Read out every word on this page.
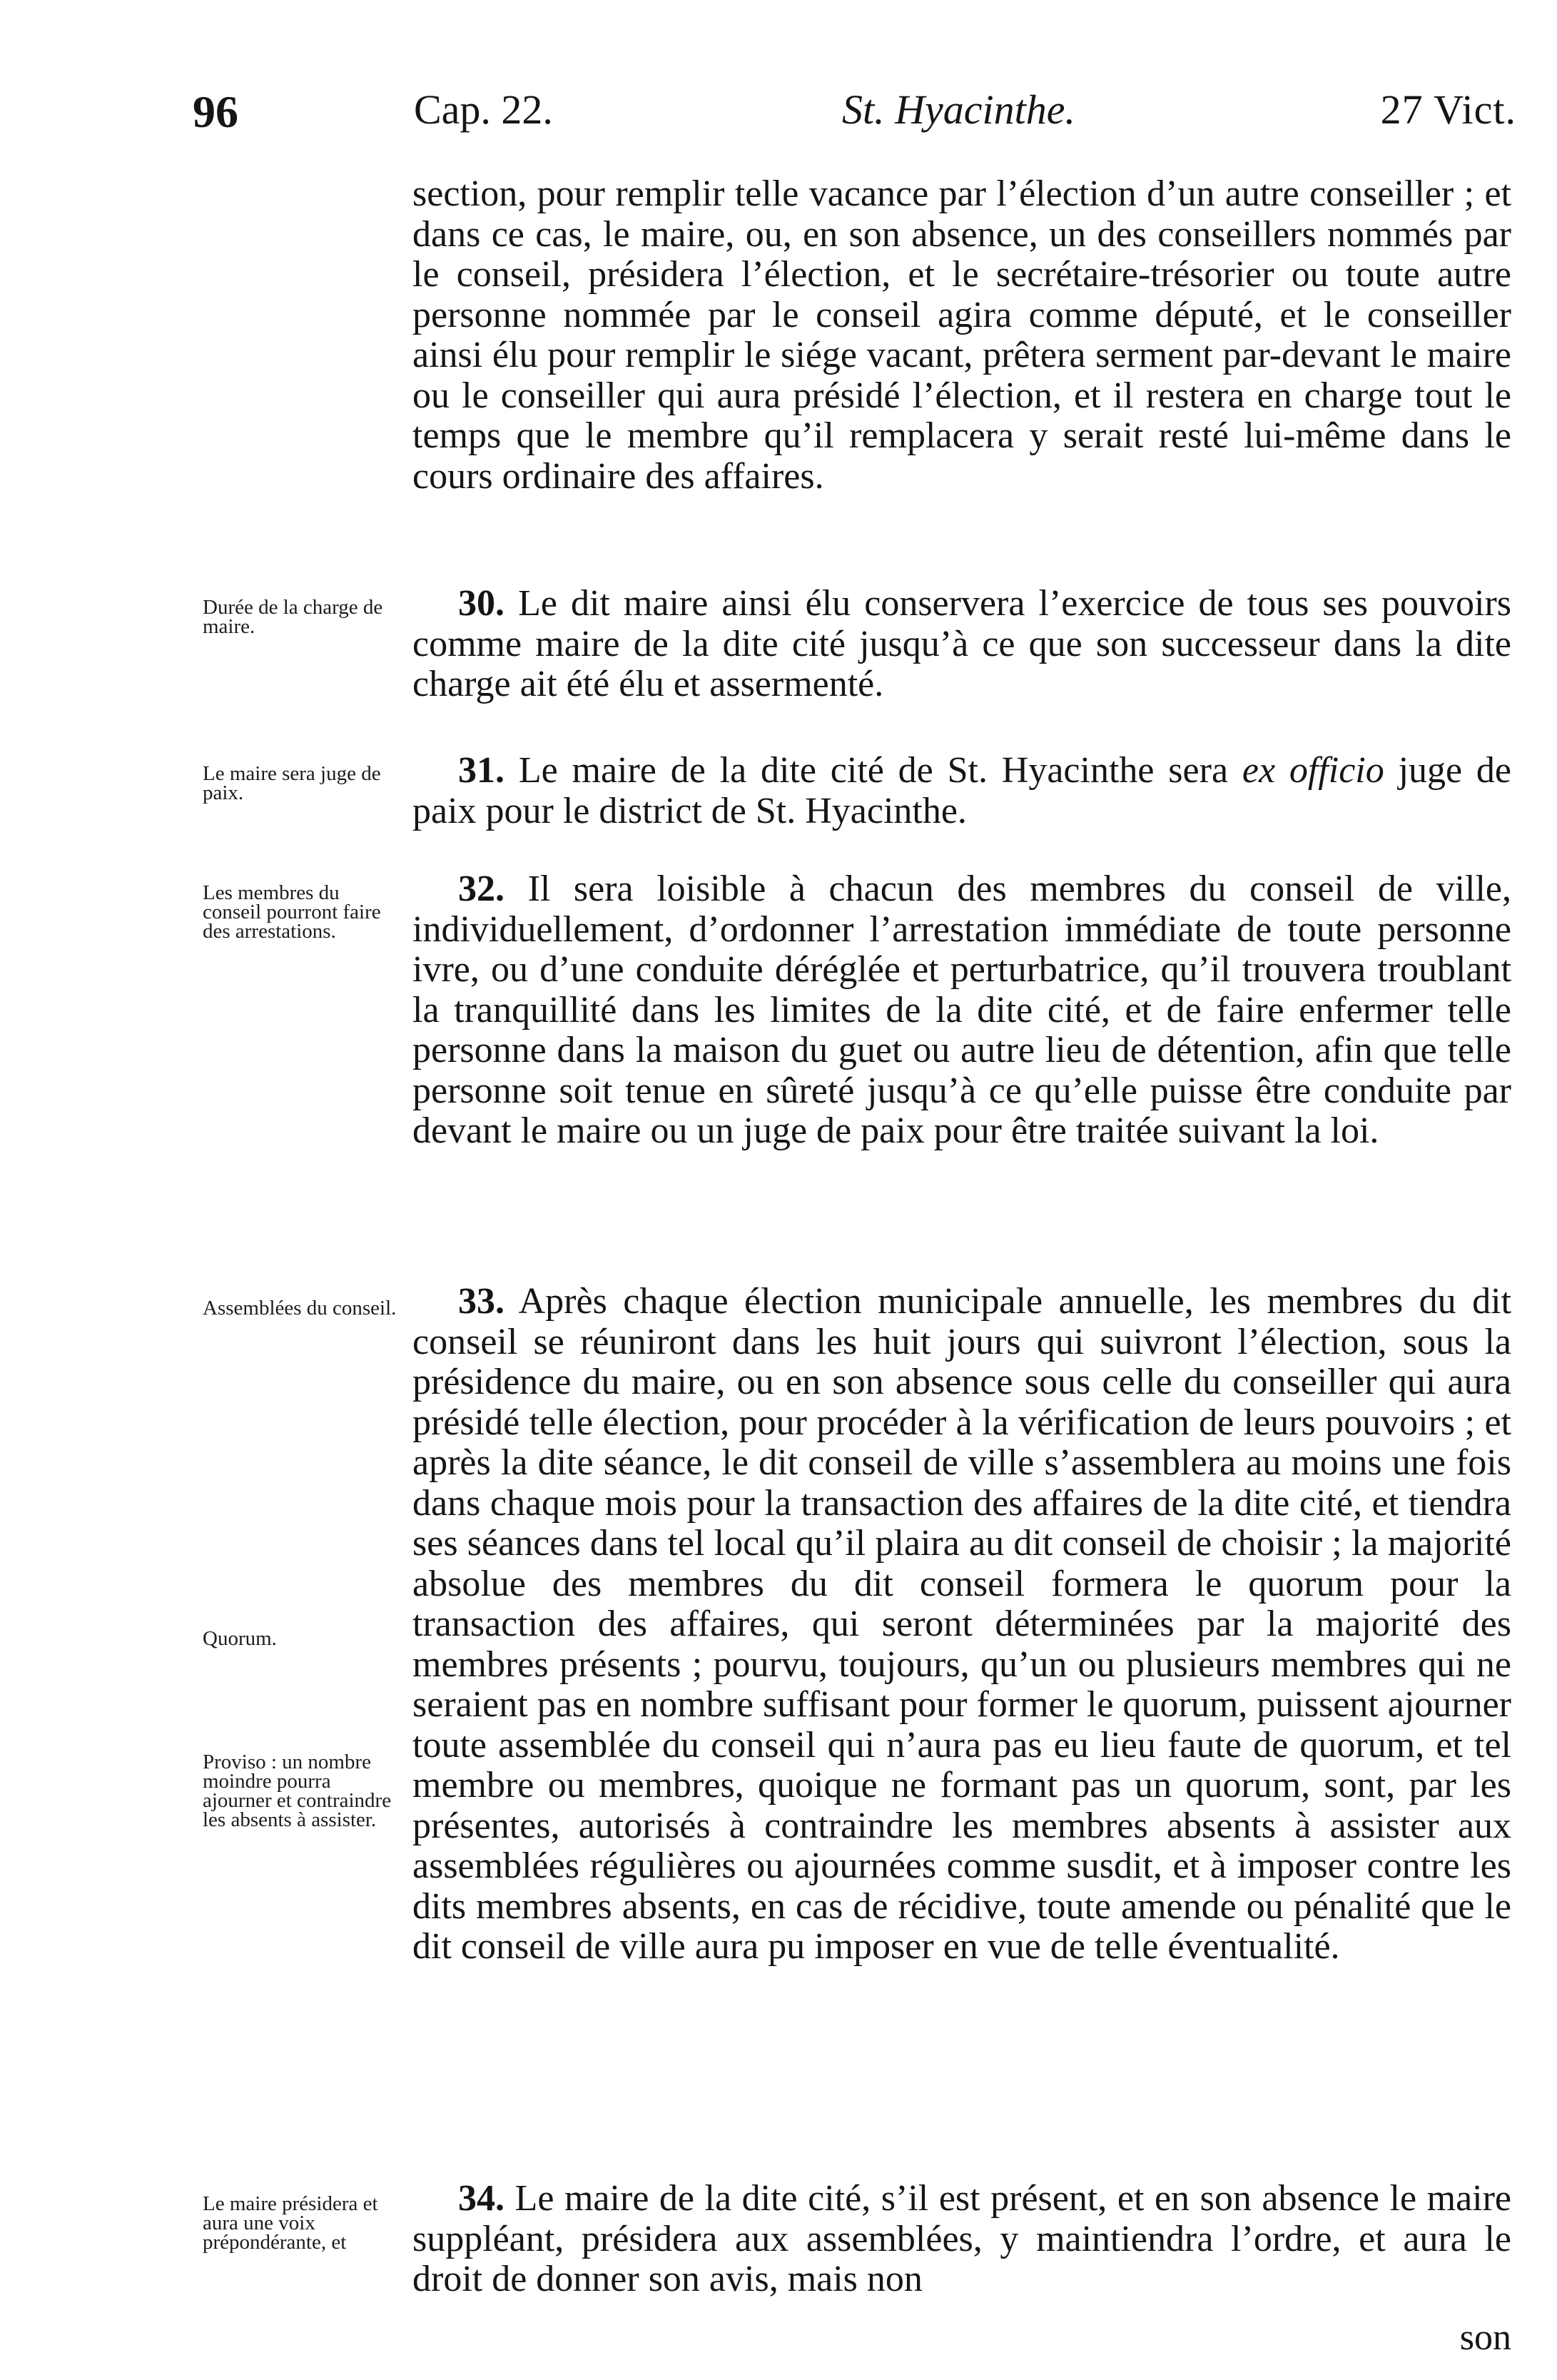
96	Cap. 22.	St. Hyacinthe.	27 Vict.

section, pour remplir telle vacance par l’élection d’un autre conseiller ; et dans ce cas, le maire, ou, en son absence, un des conseillers nommés par le conseil, présidera l’élection, et le secrétaire-trésorier ou toute autre personne nommée par le conseil agira comme député, et le conseiller ainsi élu pour remplir le siége vacant, prêtera serment par-devant le maire ou le conseiller qui aura présidé l’élection, et il restera en charge tout le temps que le membre qu’il remplacera y serait resté lui-même dans le cours ordinaire des affaires.

Durée de la charge de maire.

30. Le dit maire ainsi élu conservera l’exercice de tous ses pouvoirs comme maire de la dite cité jusqu’à ce que son successeur dans la dite charge ait été élu et assermenté.

Le maire sera juge de paix.

31. Le maire de la dite cité de St. Hyacinthe sera ex officio juge de paix pour le district de St. Hyacinthe.

Les membres du conseil pourront faire des arrestations.

32. Il sera loisible à chacun des membres du conseil de ville, individuellement, d’ordonner l’arrestation immédiate de toute personne ivre, ou d’une conduite déréglée et perturbatrice, qu’il trouvera troublant la tranquillité dans les limites de la dite cité, et de faire enfermer telle personne dans la maison du guet ou autre lieu de détention, afin que telle personne soit tenue en sûreté jusqu’à ce qu’elle puisse être conduite par devant le maire ou un juge de paix pour être traitée suivant la loi.

Assemblées du conseil.
Quorum.
Proviso : un nombre moindre pourra ajourner et contraindre les absents à assister.

33. Après chaque élection municipale annuelle, les membres du dit conseil se réuniront dans les huit jours qui suivront l’élection, sous la présidence du maire, ou en son absence sous celle du conseiller qui aura présidé telle élection, pour procéder à la vérification de leurs pouvoirs ; et après la dite séance, le dit conseil de ville s’assemblera au moins une fois dans chaque mois pour la transaction des affaires de la dite cité, et tiendra ses séances dans tel local qu’il plaira au dit conseil de choisir ; la majorité absolue des membres du dit conseil formera le quorum pour la transaction des affaires, qui seront déterminées par la majorité des membres présents ; pourvu, toujours, qu’un ou plusieurs membres qui ne seraient pas en nombre suffisant pour former le quorum, puissent ajourner toute assemblée du conseil qui n’aura pas eu lieu faute de quorum, et tel membre ou membres, quoique ne formant pas un quorum, sont, par les présentes, autorisés à contraindre les membres absents à assister aux assemblées régulières ou ajournées comme susdit, et à imposer contre les dits membres absents, en cas de récidive, toute amende ou pénalité que le dit conseil de ville aura pu imposer en vue de telle éventualité.

Le maire présidera et aura une voix prépondérante, et

34. Le maire de la dite cité, s’il est présent, et en son absence le maire suppléant, présidera aux assemblées, y maintiendra l’ordre, et aura le droit de donner son avis, mais non

son
